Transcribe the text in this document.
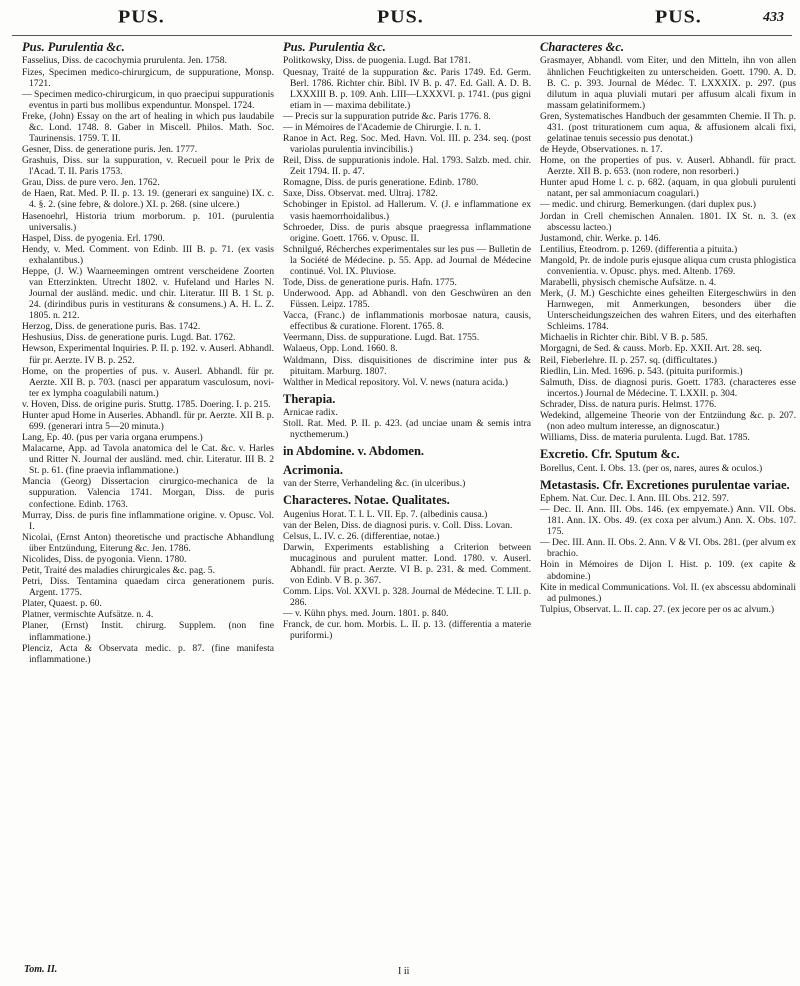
PUS.	PUS.	PUS.	433
Pus. Purulentia &c.

Fasselius, Diss. de cacochymia prurulenta. Jen. 1758.

Fizes, Specimen medico-chirurgicum, de suppuratione, Monsp. 1721.

— Specimen medico-chirurgicum, in quo praecipui suppurationis eventus in parti bus mollibus expenduntur. Monspel. 1724.

Freke, (John) Essay on the art of healing in which pus laudabile &c. Lond. 1748. 8. Gaber in Miscell. Philos. Math. Soc. Taurinensis. 1759. T. II.

Gesner, Diss. de generatione puris. Jen. 1777.

Grashuis, Diss. sur la suppuration, v. Recueil pour le Prix de l'Acad. T. II. Paris 1753.

Grau, Diss. de pure vero. Jen. 1762.

de Haen, Rat. Med. P. II. p. 13. 19. (generari ex sanguine) IX. c. 4. §. 2. (sine febre, & dolore.) XI. p. 268. (sine ulcere.)

Hasenoehrl, Historia trium morborum. p. 101. (purulentia universalis.)

Haspel, Diss. de pyogenia. Erl. 1790.

Hendy, v. Med. Comment. von Edinb. III B. p. 71. (ex vasis exhalantibus.)

Heppe, (J. W.) Waarneemingen omtrent verscheidene Zoorten van Etterzinkten. Utrecht 1802. v. Hufeland und Harles N. Journal der ausländ. medic. und chir. Literatur. III B. 1 St. p. 24. (dirindibus puris in vestiturans & consumens.) A. H. L. Z. 1805. n. 212.

Herzog, Diss. de generatione puris. Bas. 1742.

Heshusius, Diss. de generatione puris. Lugd. Bat. 1762.

Hewson, Experimental Inquiries. P. II. p. 192. v. Auserl. Abhandl. für pr. Aerzte. IV B. p. 252.

Home, on the properties of pus. v. Auserl. Abhandl. für pr. Aerzte. XII B. p. 703. (nasci per apparatum vasculosum, novi-ter ex lympha coagulabili natum.)

v. Hoven, Diss. de origine puris. Stuttg. 1785. Doering. I. p. 215.

Hunter apud Home in Auserles. Abhandl. für pr. Aerzte. XII B. p. 699. (generari intra 5—20 minuta.)

Lang, Ep. 40. (pus per varia organa erumpens.)

Malacarne, App. ad Tavola anatomica del le Cat. &c. v. Harles und Ritter N. Journal der ausländ. med. chir. Literatur. III B. 2 St. p. 61. (fine praevia inflammatione.)

Mancia (Georg) Dissertacion cirurgico-mechanica de la suppuration. Valencia 1741. Morgan, Diss. de puris confectione. Edinb. 1763.

Murray, Diss. de puris fine inflammatione origine. v. Opusc. Vol. I.

Nicolai, (Ernst Anton) theoretische und practische Abhandlung über Entzündung, Eiterung &c. Jen. 1786.

Nicolides, Diss. de pyogonia. Vienn. 1780.

Petit, Traité des maladies chirurgicales &c. pag. 5.

Petri, Diss. Tentamina quaedam circa generationem puris. Argent. 1775.

Plater, Quaest. p. 60.

Platner, vermischte Aufsätze. n. 4.

Planer, (Ernst) Instit. chirurg. Supplem. (non fine inflammatione.)

Plenciz, Acta & Observata medic. p. 87. (fine manifesta inflammatione.)

Pus. Purulentia &c.

Politkowsky, Diss. de puogenia. Lugd. Bat 1781.

Quesnay, Traité de la suppuration &c. Paris 1749. Ed. Germ. Berl. 1786. Richter chir. Bibl. IV B. p. 47. Ed. Gall. A. D. B. LXXXIII B. p. 109. Anh. LIII—LXXXVI. p. 1741. (pus gigni etiam in — maxima debilitate.)

— Precis sur la suppuration putride &c. Paris 1776. 8.

— in Mémoires de l'Academie de Chirurgie. I. n. 1.

Ranoe in Act. Reg. Soc. Med. Havn. Vol. III. p. 234. seq. (post variolas purulentia invincibilis.)

Reil, Diss. de suppurationis indole. Hal. 1793. Salzb. med. chir. Zeit 1794. II. p. 47.

Romagne, Diss. de puris generatione. Edinb. 1780.

Saxe, Diss. Observat. med. Ultraj. 1782.

Schobinger in Epistol. ad Hallerum. V. (J. e inflammatione ex vasis haemorrhoidalibus.)

Schroeder, Diss. de puris absque praegressa inflammatione origine. Goett. 1766. v. Opusc. II.

Schnilgué, Récherches experimentales sur les pus — Bulletin de la Société de Médecine. p. 55. App. ad Journal de Médecine continué. Vol. IX. Pluviose.

Tode, Diss. de generatione puris. Hafn. 1775.

Underwood. App. ad Abhandl. von den Geschwüren an den Füssen. Leipz. 1785.

Vacca, (Franc.) de inflammationis morbosae natura, causis, effectibus & curatione. Florent. 1765. 8.

Veermann, Diss. de suppuratione. Lugd. Bat. 1755.

Walaeus, Opp. Lond. 1660. 8.

Waldmann, Diss. disquisitiones de discrimine inter pus & pituitam. Marburg. 1807.

Walther in Medical repository. Vol. V. news (natura acida.)

Therapia.

Arnicae radix.

Stoll. Rat. Med. P. II. p. 423. (ad unciae unam & semis intra nycthemerum.)

in Abdomine. v. Abdomen.
Acrimonia.

van der Sterre, Verhandeling &c. (in ulceribus.)

Characteres. Notae. Qualitates.

Augenius Horat. T. I. L. VII. Ep. 7. (albedinis causa.)

van der Belen, Diss. de diagnosi puris. v. Coll. Diss. Lovan.

Celsus, L. IV. c. 26. (differentiae, notae.)

Darwin, Experiments establishing a Criterion between mucaginous and purulent matter. Lond. 1780. v. Auserl. Abhandl. für pract. Aerzte. VI B. p. 231. & med. Comment. von Edinb. V B. p. 367.

Comm. Lips. Vol. XXVI. p. 328. Journal de Médecine. T. LII. p. 286.

— v. Kühn phys. med. Journ. 1801. p. 840.

Franck, de cur. hom. Morbis. L. II. p. 13. (differentia a materie puriformi.)

Characteres &c.

Grasmayer, Abhandl. vom Eiter, und den Mitteln, ihn von allen ähnlichen Feuchtigkeiten zu unterscheiden. Goett. 1790. A. D. B. C. p. 393. Journal de Médec. T. LXXXIX. p. 297. (pus dilutum in aqua pluviali mutari per affusum alcali fixum in massam gelatiniformem.)

Gren, Systematisches Handbuch der gesammten Chemie. II Th. p. 431. (post triturationem cum aqua, & affusionem alcali fixi, gelatinae tenuis secessio pus denotat.)

de Heyde, Observationes. n. 17.

Home, on the properties of pus. v. Auserl. Abhandl. für pract. Aerzte. XII B. p. 653. (non rodere, non resorberi.)

Hunter apud Home l. c. p. 682. (aquam, in qua globuli purulenti natant, per sal ammoniacum coagulari.)

— medic. und chirurg. Bemerkungen. (dari duplex pus.)

Jordan in Crell chemischen Annalen. 1801. IX St. n. 3. (ex abscessu lacteo.)

Justamond, chir. Werke. p. 146.

Lentilius, Eteodrom. p. 1269. (differentia a pituita.)

Mangold, Pr. de indole puris ejusque aliqua cum crusta phlogistica convenientia. v. Opusc. phys. med. Altenb. 1769.

Marabelli, physisch chemische Aufsätze. n. 4.

Merk, (J. M.) Geschichte eines geheilten Eitergeschwürs in den Harnwegen, mit Anmerkungen, besonders über die Unterscheidungszeichen des wahren Eiters, und des eiterhaften Schleims. 1784.

Michaelis in Richter chir. Bibl. V B. p. 585.

Morgagni, de Sed. & causs. Morb. Ep. XXII. Art. 28. seq.

Reil, Fieberlehre. II. p. 257. sq. (difficultates.)

Riedlin, Lin. Med. 1696. p. 543. (pituita puriformis.)

Salmuth, Diss. de diagnosi puris. Goett. 1783. (characteres esse incertos.) Journal de Médecine. T. LXXII. p. 304.

Schrader, Diss. de natura puris. Helmst. 1776.

Wedekind, allgemeine Theorie von der Entzündung &c. p. 207. (non adeo multum interesse, an dignoscatur.)

Williams, Diss. de materia purulenta. Lugd. Bat. 1785.

Excretio. Cfr. Sputum &c.

Borellus, Cent. I. Obs. 13. (per os, nares, aures & oculos.)

Metastasis. Cfr. Excretiones purulentae variae.

Ephem. Nat. Cur. Dec. I. Ann. III. Obs. 212. 597.

— Dec. II. Ann. III. Obs. 146. (ex empyemate.) Ann. VII. Obs. 181. Ann. IX. Obs. 49. (ex coxa per alvum.) Ann. X. Obs. 107. 175.

— Dec. III. Ann. II. Obs. 2. Ann. V & VI. Obs. 281. (per alvum ex brachio.

Hoin in Mémoires de Dijon I. Hist. p. 109. (ex capite & abdomine.)

Kite in medical Communications. Vol. II. (ex abscessu abdominali ad pulmones.)

Tulpius, Observat. L. II. cap. 27. (ex jecore per os ac alvum.)

Tom. II.	I ii
